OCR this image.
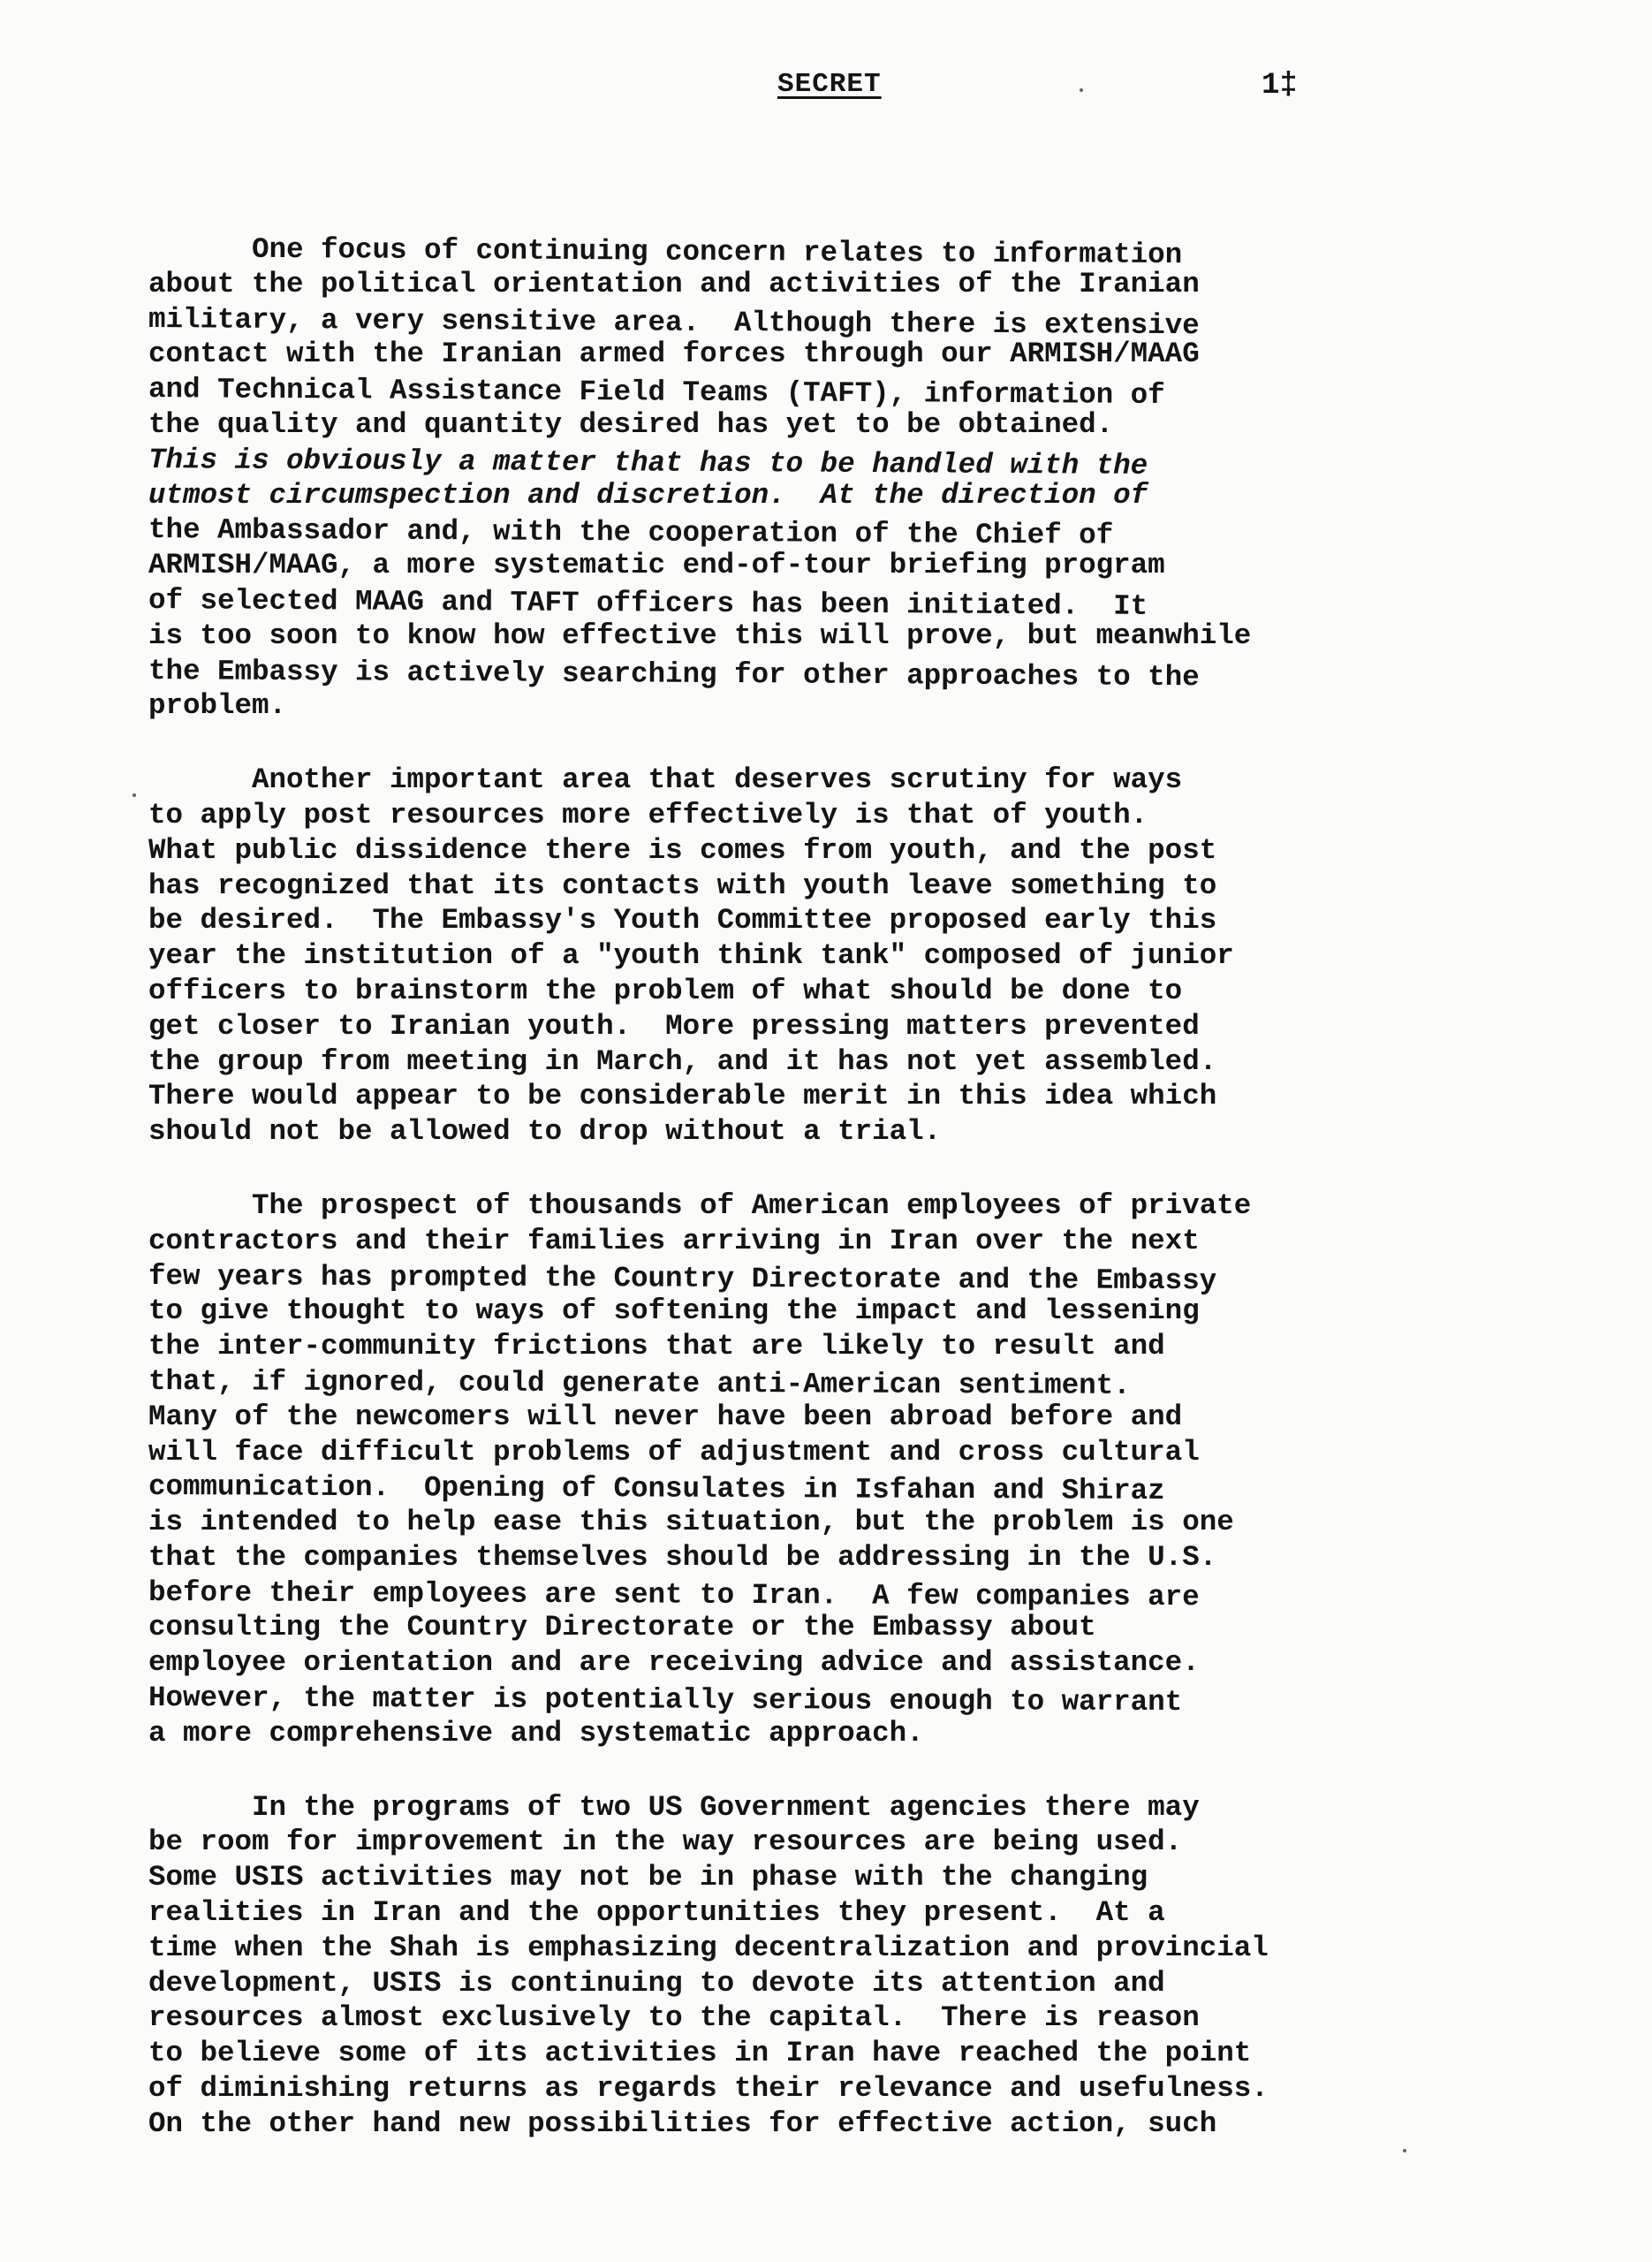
SECRET	1‡
One focus of continuing concern relates to information
about the political orientation and activities of the Iranian
military, a very sensitive area.  Although there is extensive
contact with the Iranian armed forces through our ARMISH/MAAG
and Technical Assistance Field Teams (TAFT), information of
the quality and quantity desired has yet to be obtained.
This is obviously a matter that has to be handled with the
utmost circumspection and discretion.  At the direction of
the Ambassador and, with the cooperation of the Chief of
ARMISH/MAAG, a more systematic end-of-tour briefing program
of selected MAAG and TAFT officers has been initiated.  It
is too soon to know how effective this will prove, but meanwhile
the Embassy is actively searching for other approaches to the
problem.
Another important area that deserves scrutiny for ways
to apply post resources more effectively is that of youth.
What public dissidence there is comes from youth, and the post
has recognized that its contacts with youth leave something to
be desired.  The Embassy's Youth Committee proposed early this
year the institution of a "youth think tank" composed of junior
officers to brainstorm the problem of what should be done to
get closer to Iranian youth.  More pressing matters prevented
the group from meeting in March, and it has not yet assembled.
There would appear to be considerable merit in this idea which
should not be allowed to drop without a trial.
The prospect of thousands of American employees of private
contractors and their families arriving in Iran over the next
few years has prompted the Country Directorate and the Embassy
to give thought to ways of softening the impact and lessening
the inter-community frictions that are likely to result and
that, if ignored, could generate anti-American sentiment.
Many of the newcomers will never have been abroad before and
will face difficult problems of adjustment and cross cultural
communication.  Opening of Consulates in Isfahan and Shiraz
is intended to help ease this situation, but the problem is one
that the companies themselves should be addressing in the U.S.
before their employees are sent to Iran.  A few companies are
consulting the Country Directorate or the Embassy about
employee orientation and are receiving advice and assistance.
However, the matter is potentially serious enough to warrant
a more comprehensive and systematic approach.
In the programs of two US Government agencies there may
be room for improvement in the way resources are being used.
Some USIS activities may not be in phase with the changing
realities in Iran and the opportunities they present.  At a
time when the Shah is emphasizing decentralization and provincial
development, USIS is continuing to devote its attention and
resources almost exclusively to the capital.  There is reason
to believe some of its activities in Iran have reached the point
of diminishing returns as regards their relevance and usefulness.
On the other hand new possibilities for effective action, such
